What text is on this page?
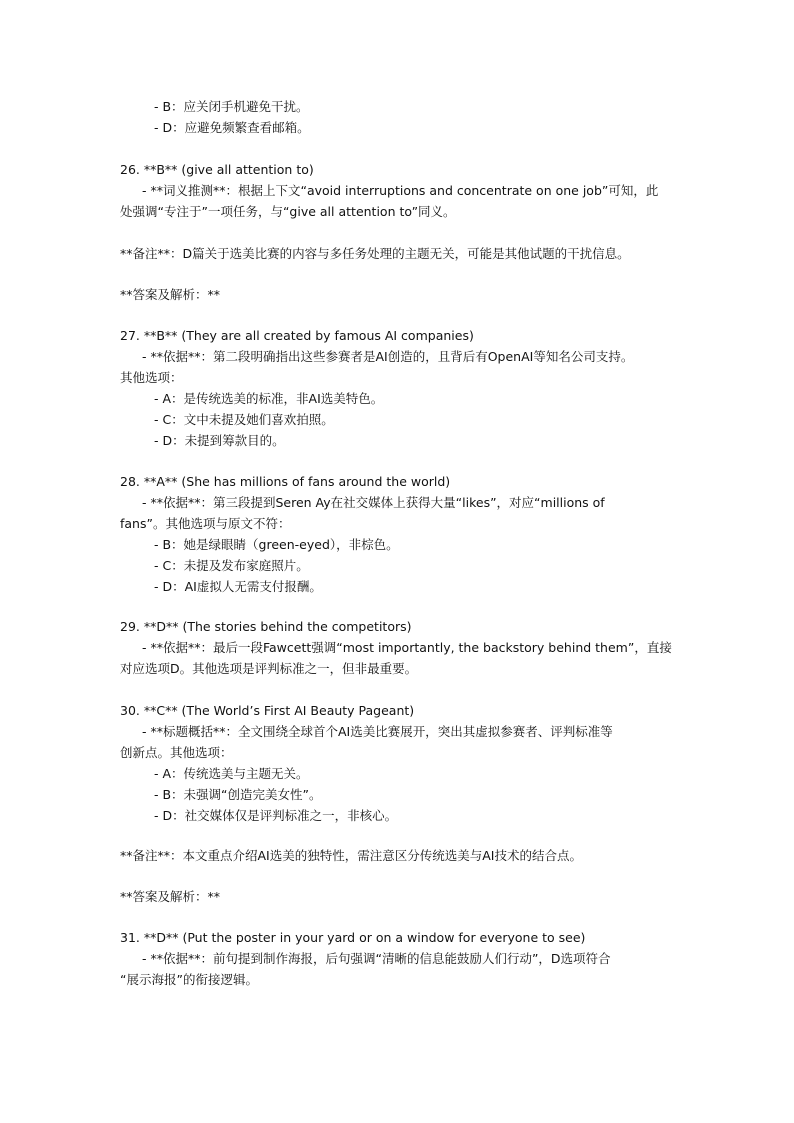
- B：应关闭手机避免干扰。
- D：应避免频繁查看邮箱。
26. **B** (give all attention to)
- **词义推测**：根据上下文“avoid interruptions and concentrate on one job”可知，此
处强调“专注于”一项任务，与“give all attention to”同义。
**备注**：D篇关于选美比赛的内容与多任务处理的主题无关，可能是其他试题的干扰信息。
**答案及解析：**
27. **B** (They are all created by famous AI companies)
- **依据**：第二段明确指出这些参赛者是AI创造的，且背后有OpenAI等知名公司支持。
其他选项：
- A：是传统选美的标准，非AI选美特色。
- C：文中未提及她们喜欢拍照。
- D：未提到筹款目的。
28. **A** (She has millions of fans around the world)
- **依据**：第三段提到Seren Ay在社交媒体上获得大量“likes”，对应“millions of
fans”。其他选项与原文不符：
- B：她是绿眼睛（green-eyed），非棕色。
- C：未提及发布家庭照片。
- D：AI虚拟人无需支付报酬。
29. **D** (The stories behind the competitors)
- **依据**：最后一段Fawcett强调“most importantly, the backstory behind them”，直接
对应选项D。其他选项是评判标准之一，但非最重要。
30. **C** (The World’s First AI Beauty Pageant)
- **标题概括**：全文围绕全球首个AI选美比赛展开，突出其虚拟参赛者、评判标准等
创新点。其他选项：
- A：传统选美与主题无关。
- B：未强调“创造完美女性”。
- D：社交媒体仅是评判标准之一，非核心。
**备注**：本文重点介绍AI选美的独特性，需注意区分传统选美与AI技术的结合点。
**答案及解析：**
31. **D** (Put the poster in your yard or on a window for everyone to see)
- **依据**：前句提到制作海报，后句强调“清晰的信息能鼓励人们行动”，D选项符合
“展示海报”的衔接逻辑。
